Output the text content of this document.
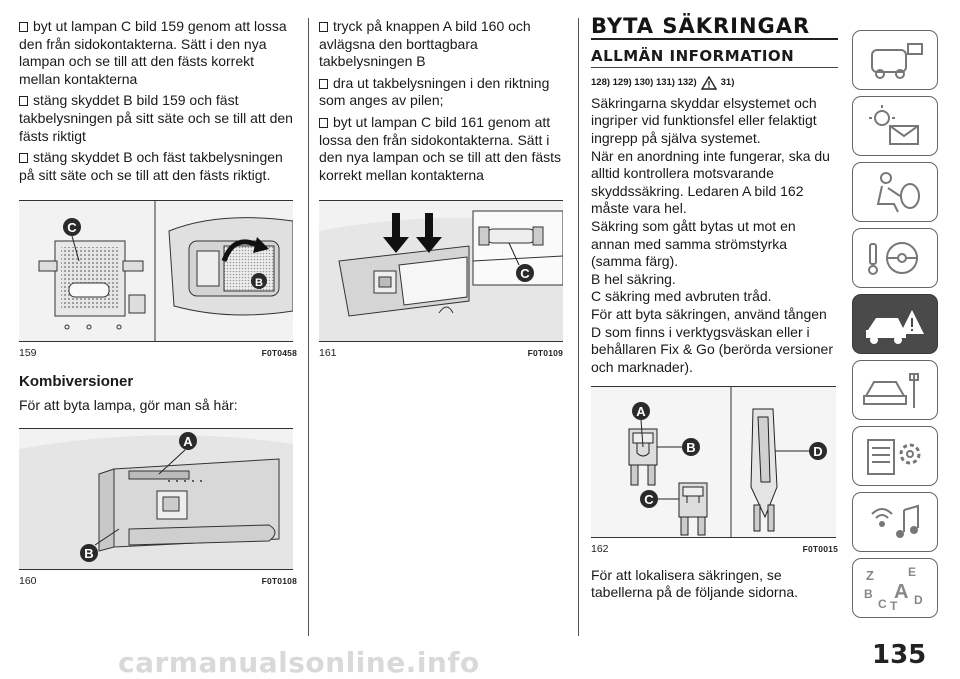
byt ut lampan C bild 159 genom att lossa den från sidokontakterna. Sätt i den nya lampan och se till att den fästs korrekt mellan kontakterna

stäng skyddet B bild 159 och fäst takbelysningen på sitt säte och se till att den fästs riktigt

stäng skyddet B och fäst takbelysningen på sitt säte och se till att den fästs riktigt.

C
B
159	F0T0458
Kombiversioner

För att byta lampa, gör man så här:

A
B
160	F0T0108

tryck på knappen A bild 160 och avlägsna den borttagbara takbelysningen B

dra ut takbelysningen i den riktning som anges av pilen;

byt ut lampan C bild 161 genom att lossa den från sidokontakterna. Sätt i den nya lampan och se till att den fästs korrekt mellan kontakterna

C
161	F0T0109
BYTA SÄKRINGAR
ALLMÄN INFORMATION
128) 129) 130) 131) 132)	31)
Säkringarna skyddar elsystemet och ingriper vid funktionsfel eller felaktigt ingrepp på själva systemet.
När en anordning inte fungerar, ska du alltid kontrollera motsvarande skyddssäkring. Ledaren A bild 162 måste vara hel.
Säkring som gått bytas ut mot en annan med samma strömstyrka (samma färg).
B hel säkring.
C säkring med avbruten tråd.
För att byta säkringen, använd tången D som finns i verktygsväskan eller i behållaren Fix & Go (berörda versioner och marknader).
A
B
C
D
162	F0T0015

För att lokalisera säkringen, se tabellerna på de följande sidorna.

Z	E
B A
C T D
carmanualsonline.info	135
